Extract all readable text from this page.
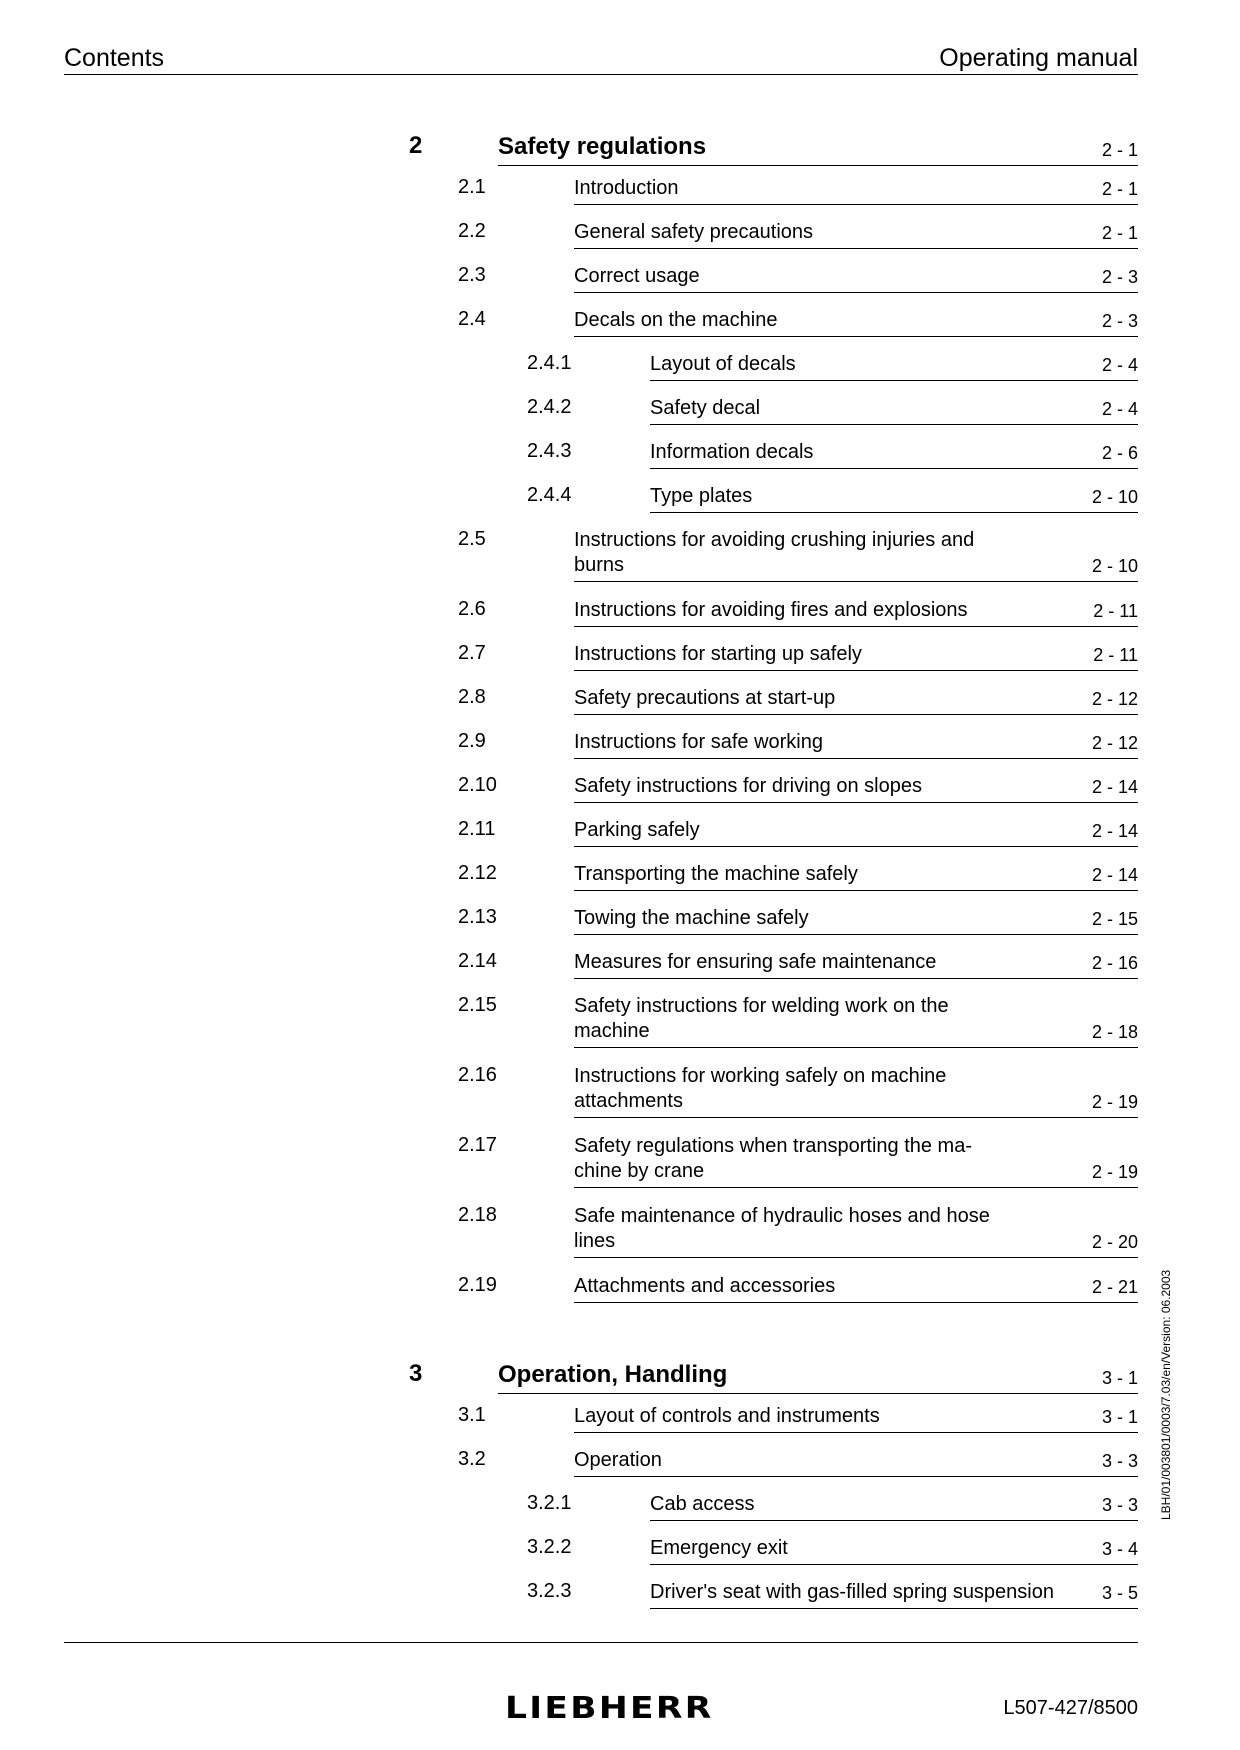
Contents	Operating manual
2	Safety regulations	2 - 1
2.1	Introduction	2 - 1
2.2	General safety precautions	2 - 1
2.3	Correct usage	2 - 3
2.4	Decals on the machine	2 - 3
2.4.1	Layout of decals	2 - 4
2.4.2	Safety decal	2 - 4
2.4.3	Information decals	2 - 6
2.4.4	Type plates	2 - 10
2.5	Instructions for avoiding crushing injuries and
burns	2 - 10
2.6	Instructions for avoiding fires and explosions	2 - 11
2.7	Instructions for starting up safely	2 - 11
2.8	Safety precautions at start-up	2 - 12
2.9	Instructions for safe working	2 - 12
2.10	Safety instructions for driving on slopes	2 - 14
2.11	Parking safely	2 - 14
2.12	Transporting the machine safely	2 - 14
2.13	Towing the machine safely	2 - 15
2.14	Measures for ensuring safe maintenance	2 - 16
2.15	Safety instructions for welding work on the
machine	2 - 18
2.16	Instructions for working safely on machine
attachments	2 - 19
2.17	Safety regulations when transporting the ma-
chine by crane	2 - 19
2.18	Safe maintenance of hydraulic hoses and hose
lines	2 - 20
2.19	Attachments and accessories	2 - 21
3	Operation, Handling	3 - 1
3.1	Layout of controls and instruments	3 - 1
3.2	Operation	3 - 3
3.2.1	Cab access	3 - 3
3.2.2	Emergency exit	3 - 4
3.2.3	Driver's seat with gas-filled spring suspension	3 - 5
LBH/01/003801/0003/7.03/en/Version: 06.2003
LIEBHERR	L507-427/8500
